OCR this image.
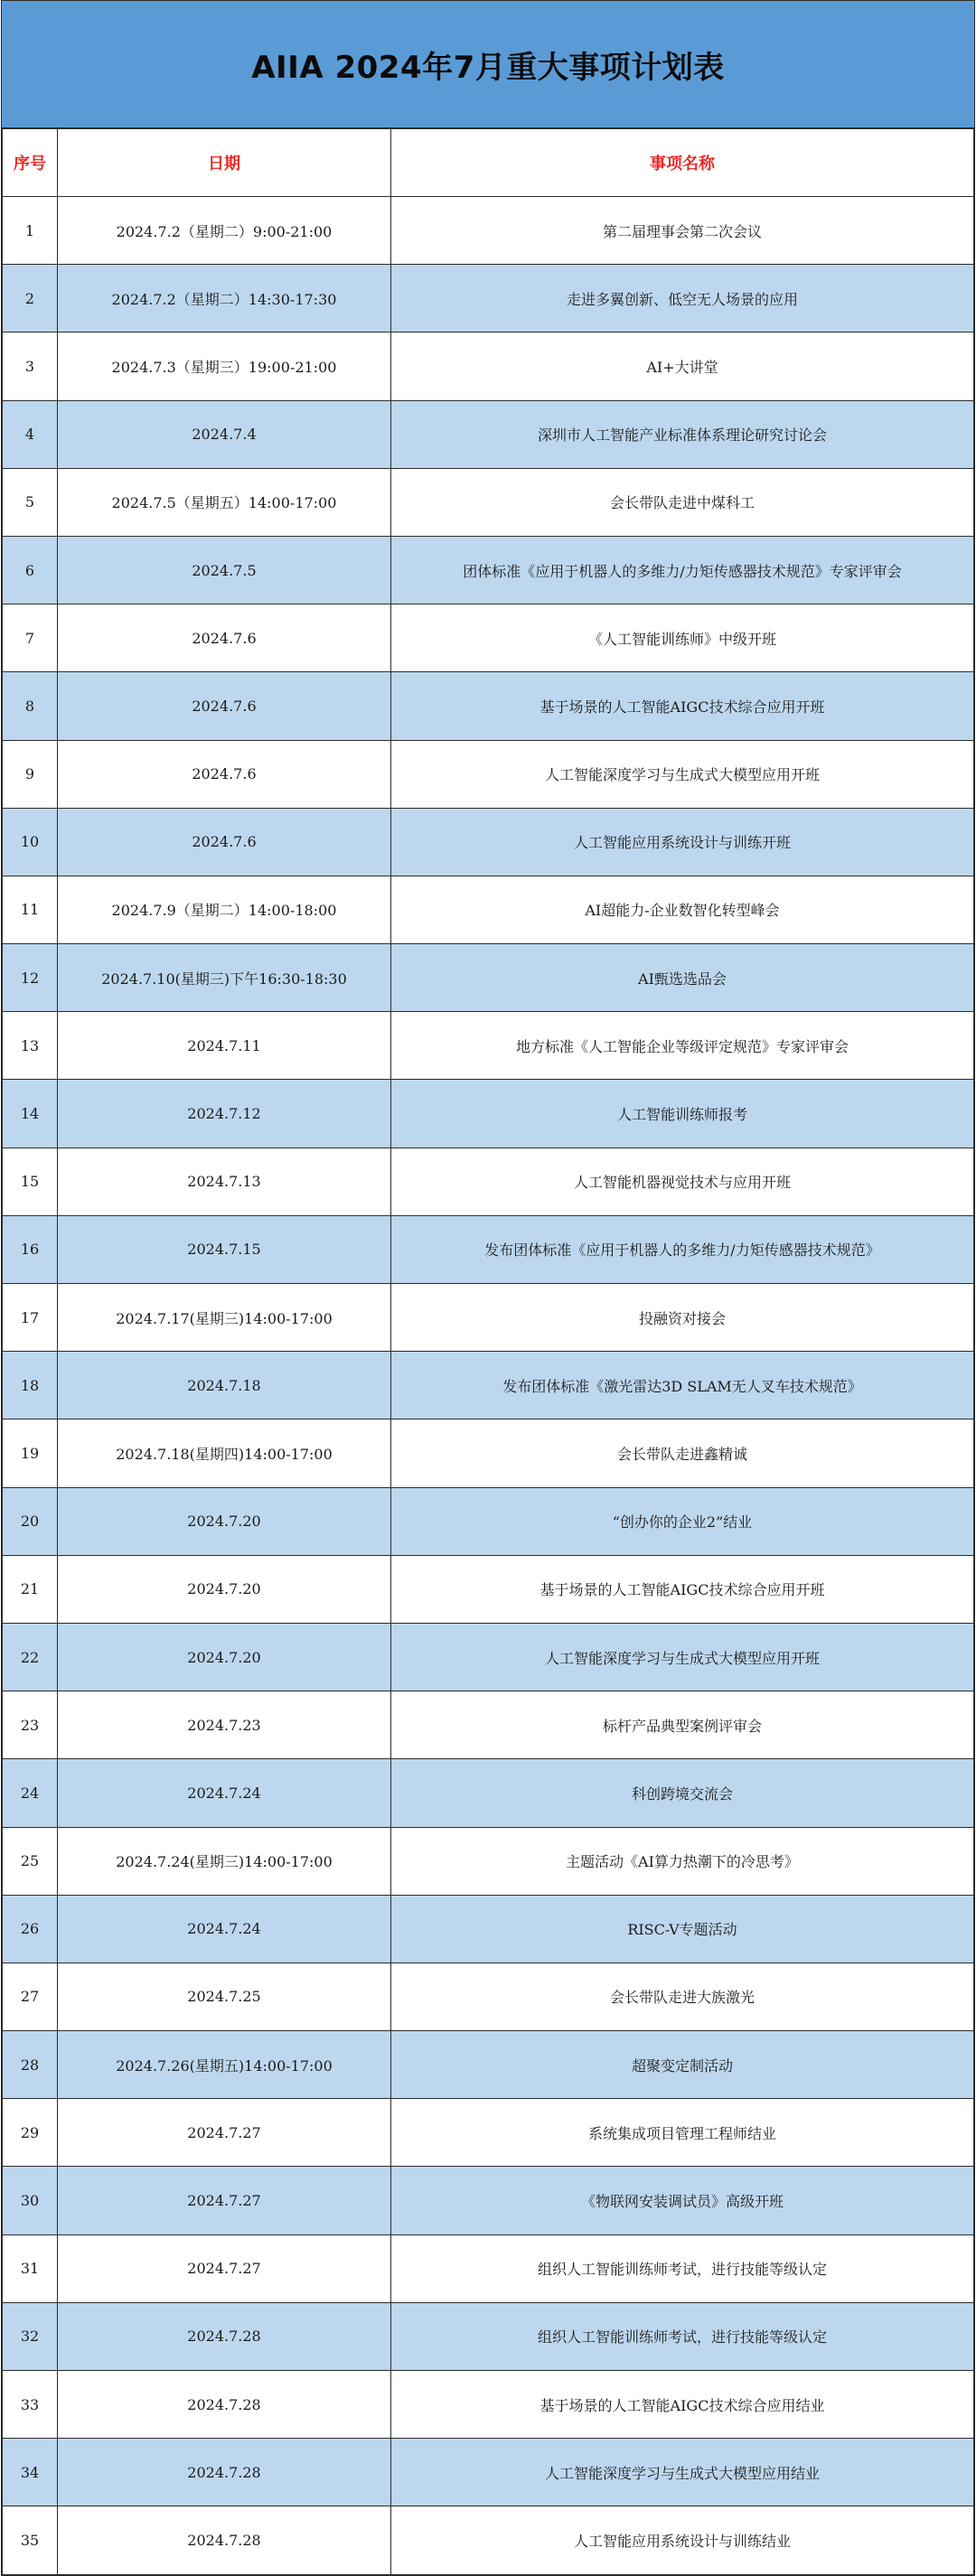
AIIA 2024年7月重大事项计划表
序号	日期	事项名称
1	2024.7.2（星期二）9:00-21:00	第二届理事会第二次会议
2	2024.7.2（星期二）14:30-17:30	走进多翼创新、低空无人场景的应用
3	2024.7.3（星期三）19:00-21:00	AI+大讲堂
4	2024.7.4	深圳市人工智能产业标准体系理论研究讨论会
5	2024.7.5（星期五）14:00-17:00	会长带队走进中煤科工
6	2024.7.5	团体标准《应用于机器人的多维力/力矩传感器技术规范》专家评审会
7	2024.7.6	《人工智能训练师》中级开班
8	2024.7.6	基于场景的人工智能AIGC技术综合应用开班
9	2024.7.6	人工智能深度学习与生成式大模型应用开班
10	2024.7.6	人工智能应用系统设计与训练开班
11	2024.7.9（星期二）14:00-18:00	AI超能力-企业数智化转型峰会
12	2024.7.10(星期三)下午16:30-18:30	AI甄选选品会
13	2024.7.11	地方标准《人工智能企业等级评定规范》专家评审会
14	2024.7.12	人工智能训练师报考
15	2024.7.13	人工智能机器视觉技术与应用开班
16	2024.7.15	发布团体标准《应用于机器人的多维力/力矩传感器技术规范》
17	2024.7.17(星期三)14:00-17:00	投融资对接会
18	2024.7.18	发布团体标准《激光雷达3D SLAM无人叉车技术规范》
19	2024.7.18(星期四)14:00-17:00	会长带队走进鑫精诚
20	2024.7.20	“创办你的企业2”结业
21	2024.7.20	基于场景的人工智能AIGC技术综合应用开班
22	2024.7.20	人工智能深度学习与生成式大模型应用开班
23	2024.7.23	标杆产品典型案例评审会
24	2024.7.24	科创跨境交流会
25	2024.7.24(星期三)14:00-17:00	主题活动《AI算力热潮下的冷思考》
26	2024.7.24	RISC-V专题活动
27	2024.7.25	会长带队走进大族激光
28	2024.7.26(星期五)14:00-17:00	超聚变定制活动
29	2024.7.27	系统集成项目管理工程师结业
30	2024.7.27	《物联网安装调试员》高级开班
31	2024.7.27	组织人工智能训练师考试，进行技能等级认定
32	2024.7.28	组织人工智能训练师考试，进行技能等级认定
33	2024.7.28	基于场景的人工智能AIGC技术综合应用结业
34	2024.7.28	人工智能深度学习与生成式大模型应用结业
35	2024.7.28	人工智能应用系统设计与训练结业
